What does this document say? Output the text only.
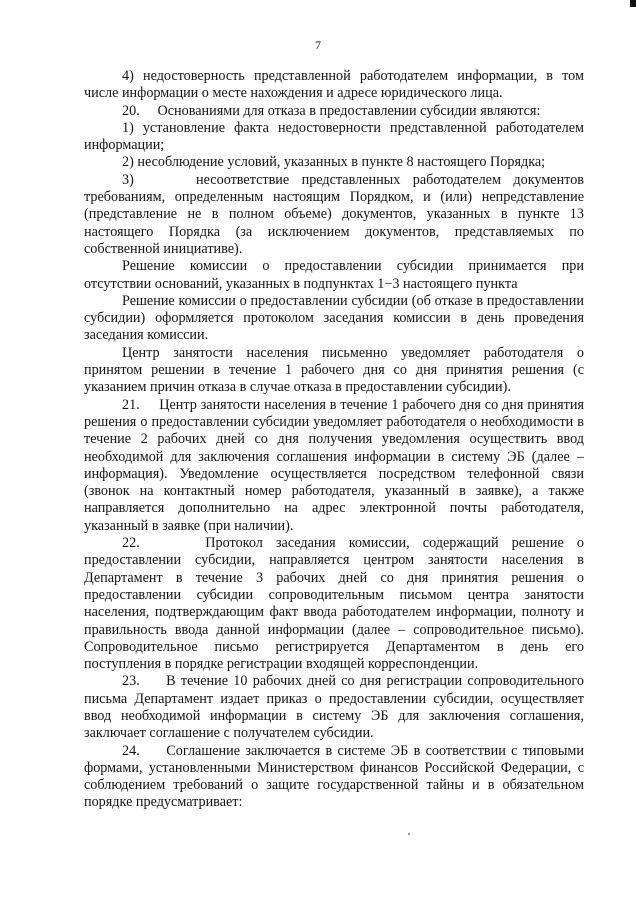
7

4) недостоверность представленной работодателем информации, в том числе информации о месте нахождения и адресе юридического лица.

20.     Основаниями для отказа в предоставлении субсидии являются:

1) установление факта недостоверности представленной работодателем информации;

2) несоблюдение условий, указанных в пункте 8 настоящего Порядка;

3)     несоответствие представленных работодателем документов требованиям, определенным настоящим Порядком, и (или) непредставление (представление не в полном объеме) документов, указанных в пункте 13 настоящего Порядка (за исключением документов, представляемых по собственной инициативе).

Решение комиссии о предоставлении субсидии принимается при отсутствии оснований, указанных в подпунктах 1−3 настоящего пункта

Решение комиссии о предоставлении субсидии (об отказе в предоставлении субсидии) оформляется протоколом заседания комиссии в день проведения заседания комиссии.

Центр занятости населения письменно уведомляет работодателя о принятом решении в течение 1 рабочего дня со дня принятия решения (с указанием причин отказа в случае отказа в предоставлении субсидии).

21.     Центр занятости населения в течение 1 рабочего дня со дня принятия решения о предоставлении субсидии уведомляет работодателя о необходимости в течение 2 рабочих дней со дня получения уведомления осуществить ввод необходимой для заключения соглашения информации в систему ЭБ (далее – информация). Уведомление осуществляется посредством телефонной связи (звонок на контактный номер работодателя, указанный в заявке), а также направляется дополнительно на адрес электронной почты работодателя, указанный в заявке (при наличии).

22.     Протокол заседания комиссии, содержащий решение о предоставлении субсидии, направляется центром занятости населения в Департамент в течение 3 рабочих дней со дня принятия решения о предоставлении субсидии сопроводительным письмом центра занятости населения, подтверждающим факт ввода работодателем информации, полноту и правильность ввода данной информации (далее – сопроводительное письмо). Сопроводительное письмо регистрируется Департаментом в день его поступления в порядке регистрации входящей корреспонденции.

23.     В течение 10 рабочих дней со дня регистрации сопроводительного письма Департамент издает приказ о предоставлении субсидии, осуществляет ввод необходимой информации в систему ЭБ для заключения соглашения, заключает соглашение с получателем субсидии.

24.     Соглашение заключается в системе ЭБ в соответствии с типовыми формами, установленными Министерством финансов Российской Федерации, с соблюдением требований о защите государственной тайны и в обязательном порядке предусматривает:
